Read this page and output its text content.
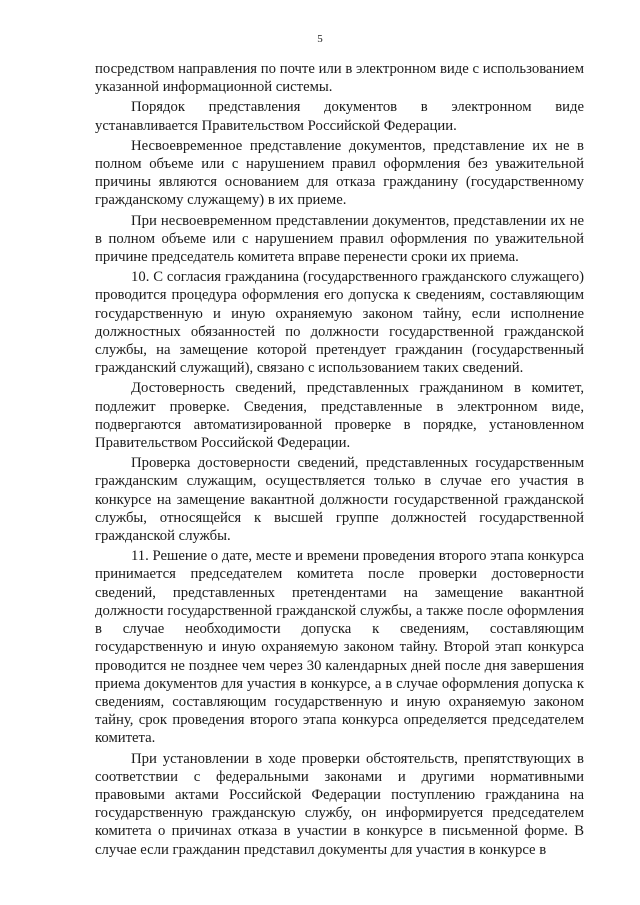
5

посредством направления по почте или в электронном виде с использованием указанной информационной системы.

Порядок представления документов в электронном виде устанавливается Правительством Российской Федерации.

Несвоевременное представление документов, представление их не в полном объеме или с нарушением правил оформления без уважительной причины являются основанием для отказа гражданину (государственному гражданскому служащему) в их приеме.

При несвоевременном представлении документов, представлении их не в полном объеме или с нарушением правил оформления по уважительной причине председатель комитета вправе перенести сроки их приема.

10. С согласия гражданина (государственного гражданского служащего) проводится процедура оформления его допуска к сведениям, составляющим государственную и иную охраняемую законом тайну, если исполнение должностных обязанностей по должности государственной гражданской службы, на замещение которой претендует гражданин (государственный гражданский служащий), связано с использованием таких сведений.

Достоверность сведений, представленных гражданином в комитет, подлежит проверке. Сведения, представленные в электронном виде, подвергаются автоматизированной проверке в порядке, установленном Правительством Российской Федерации.

Проверка достоверности сведений, представленных государственным гражданским служащим, осуществляется только в случае его участия в конкурсе на замещение вакантной должности государственной гражданской службы, относящейся к высшей группе должностей государственной гражданской службы.

11. Решение о дате, месте и времени проведения второго этапа конкурса принимается председателем комитета после проверки достоверности сведений, представленных претендентами на замещение вакантной должности государственной гражданской службы, а также после оформления в случае необходимости допуска к сведениям, составляющим государственную и иную охраняемую законом тайну. Второй этап конкурса проводится не позднее чем через 30 календарных дней после дня завершения приема документов для участия в конкурсе, а в случае оформления допуска к сведениям, составляющим государственную и иную охраняемую законом тайну, срок проведения второго этапа конкурса определяется председателем комитета.

При установлении в ходе проверки обстоятельств, препятствующих в соответствии с федеральными законами и другими нормативными правовыми актами Российской Федерации поступлению гражданина на государственную гражданскую службу, он информируется председателем комитета о причинах отказа в участии в конкурсе в письменной форме. В случае если гражданин представил документы для участия в конкурсе в
